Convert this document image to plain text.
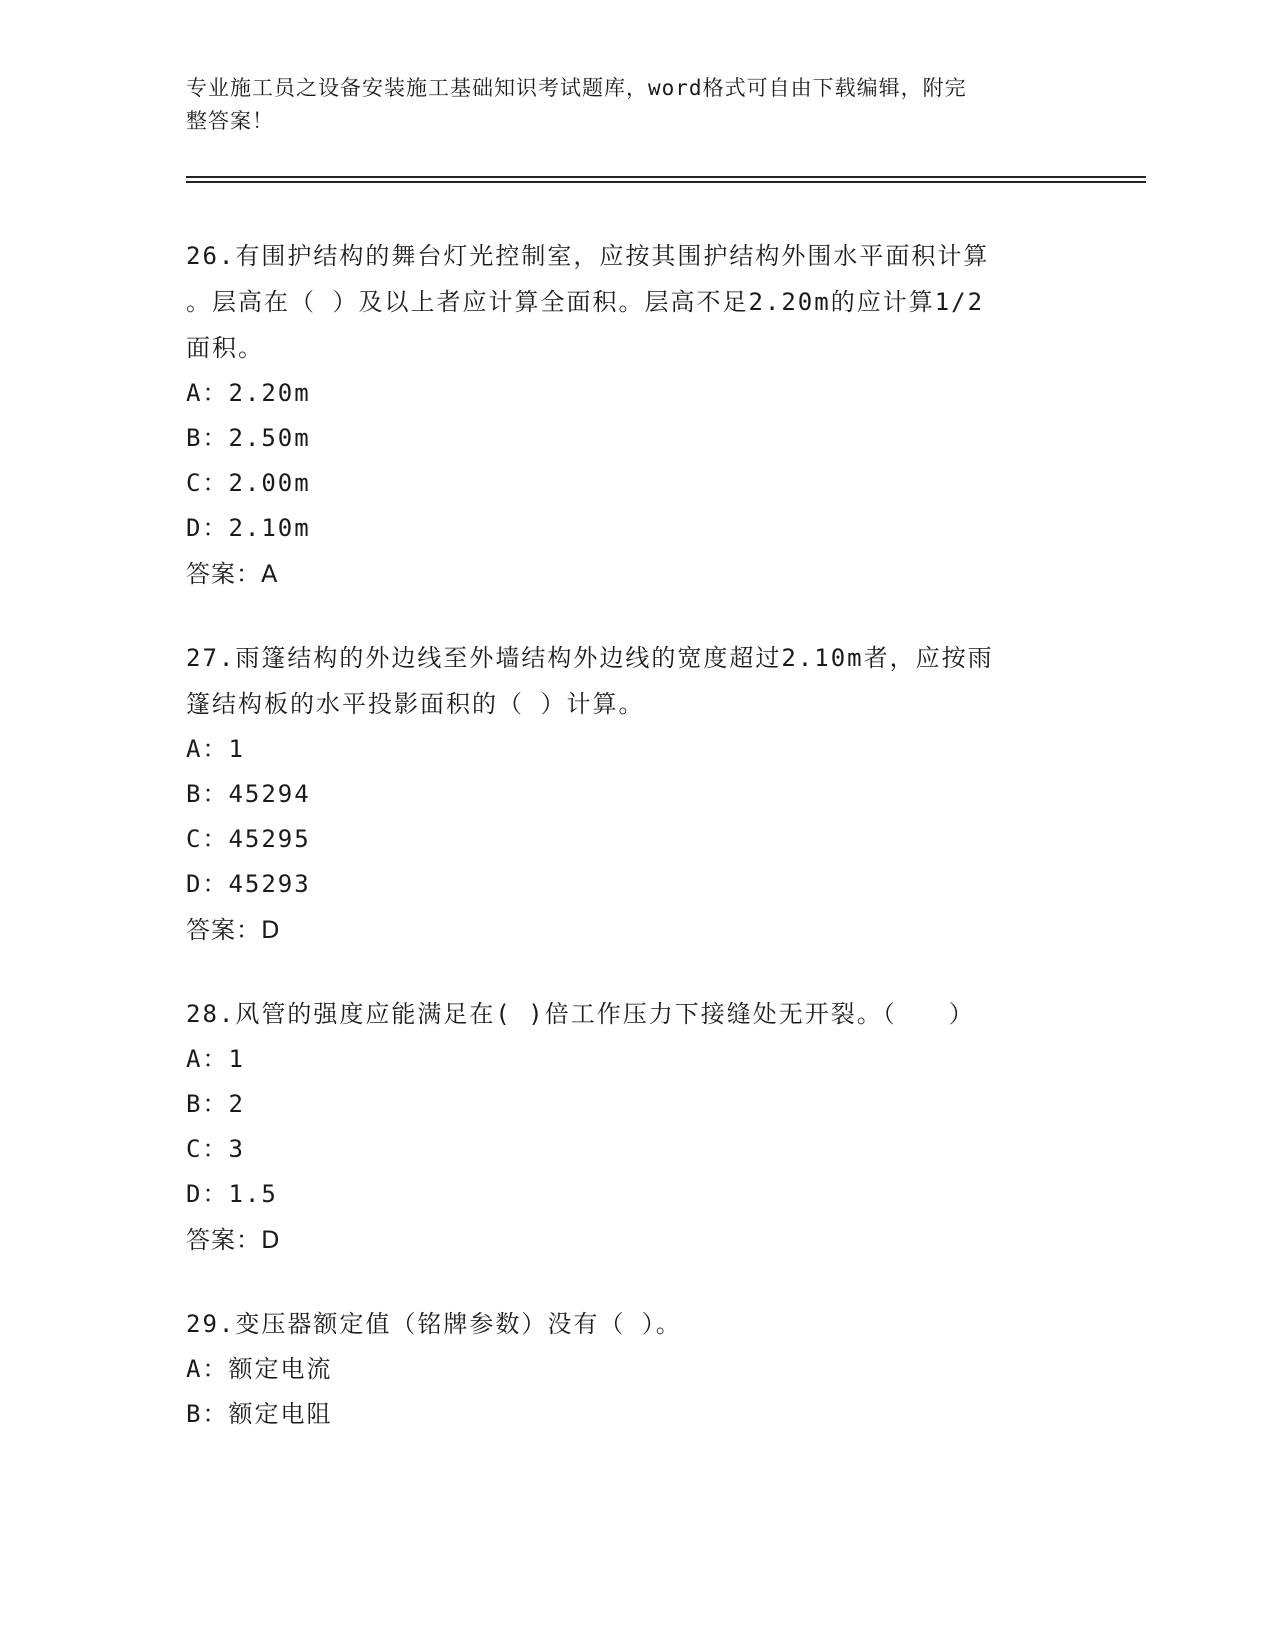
专业施工员之设备安装施工基础知识考试题库，word格式可自由下载编辑，附完
整答案！
26.有围护结构的舞台灯光控制室，应按其围护结构外围水平面积计算
。层高在（ ）及以上者应计算全面积。层高不足2.20m的应计算1/2
面积。
A：2.20m
B：2.50m
C：2.00m
D：2.10m
答案：A
27.雨篷结构的外边线至外墙结构外边线的宽度超过2.10m者，应按雨
篷结构板的水平投影面积的（ ）计算。
A：1
B：45294
C：45295
D：45293
答案：D
28.风管的强度应能满足在( )倍工作压力下接缝处无开裂。（　　）
A：1
B：2
C：3
D：1.5
答案：D
29.变压器额定值（铭牌参数）没有（ ）。
A：额定电流
B：额定电阻
